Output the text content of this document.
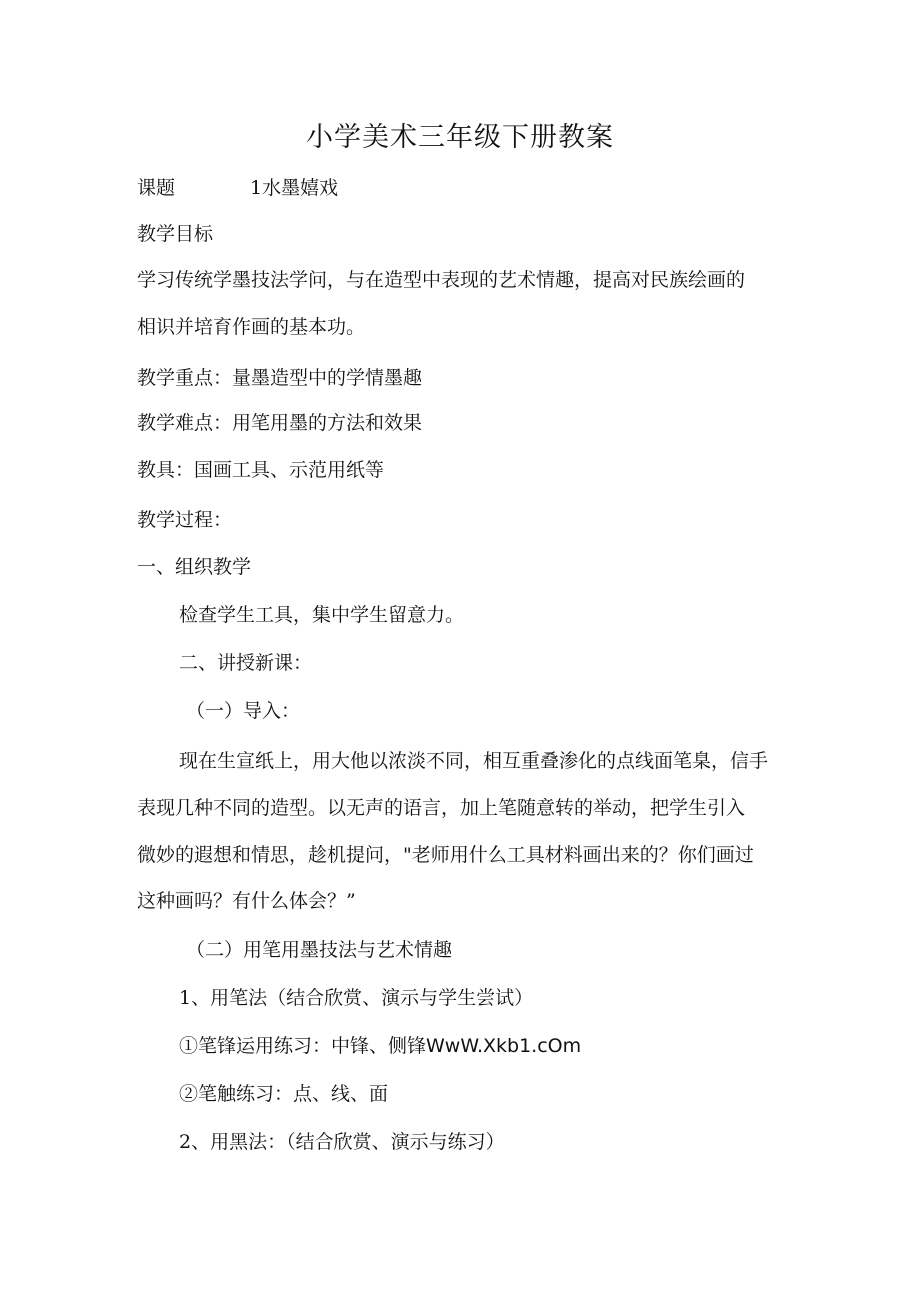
小学美术三年级下册教案
课题	1水墨嬉戏
教学目标
学习传统学墨技法学问，与在造型中表现的艺术情趣，提高对民族绘画的
相识并培育作画的基本功。
教学重点：量墨造型中的学情墨趣
教学难点：用笔用墨的方法和效果
教具：国画工具、示范用纸等
教学过程：
一、组织教学
检查学生工具，集中学生留意力。
二、讲授新课：
（一）导入：
现在生宣纸上，用大他以浓淡不同，相互重叠渗化的点线面笔臬，信手
表现几种不同的造型。以无声的语言，加上笔随意转的举动，把学生引入
微妙的遐想和情思，趁机提问，"老师用什么工具材料画出来的？你们画过
这种画吗？有什么体会？”
（二）用笔用墨技法与艺术情趣
1、用笔法（结合欣赏、演示与学生尝试）
①笔锋运用练习：中锋、侧锋WwW.Xkb1.cOm
②笔触练习：点、线、面
2、用黑法：（结合欣赏、演示与练习）
